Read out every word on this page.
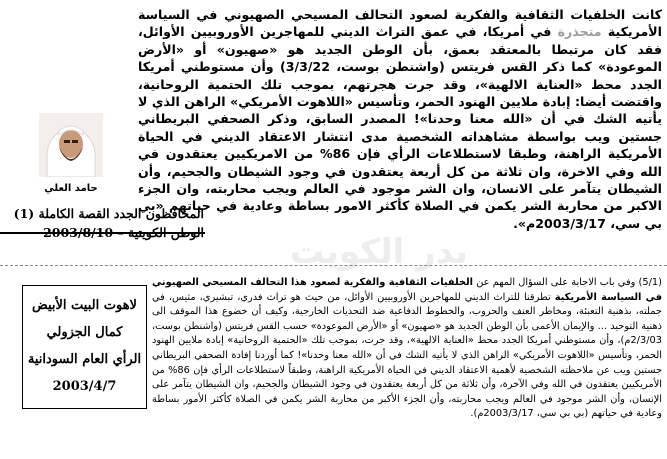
كانت الخلفيات الثقافية والفكرية لصعود التحالف المسيحي الصهيوني في السياسة الأمريكية متجذرة في أمريكا، في عمق التراث الديني للمهاجرين الأوروبيين الأوائل، فقد كان مرتبطا بالمعتقد بعمق، بأن الوطن الجديد هو «صهيون» أو «الأرض الموعودة» كما ذكر القس فريتس (واشنطن بوست، 3/3/22) وأن مستوطني أمريكا الجدد محط «العناية الالهية»، وقد جرت هجرتهم، بموجب تلك الحتمية الروحانية، واقتضت أيضا: إبادة ملايين الهنود الحمر، وتأسيس «اللاهوت الأمريكي» الراهن الذي لا يأتيه الشك في أن «الله معنا وحدنا»! المصدر السابق، وذكر الصحفي البريطاني جستين ويب بواسطة مشاهداته الشخصية مدى انتشار الاعتقاد الديني في الحياة الأمريكية الراهنة، وطبقا لاستطلاعات الرأي فإن 86% من الامريكيين يعتقدون في الله وفي الاخرة، وان ثلاثة من كل أربعة يعتقدون في وجود الشيطان والجحيم، وأن الشيطان يتآمر على الانسان، وان الشر موجود في العالم ويجب محاربته، وان الجزء الاكبر من محاربة الشر يكمن في الصلاة كأكثر الامور بساطة وعادية في حياتهم «بي بي سي، 2003/3/17م».

حامد العلي
المحافظون الجدد القصة الكاملة (1)
الوطن الكويتية – 2003/8/10	بدر الكويت
لاهوت البيت الأبيض
كمال الجزولي
الرأي العام السودانية
2003/4/7

(5/1) وفي باب الاجابة على السؤال المهم عن الخلفيات الثقافية والفكرية لصعود هذا التحالف المسيحي الصهيوني في السياسة الأمريكية تطرقنا للتراث الديني للمهاجرين الأوروبيين الأوائل، من حيث هو تراث فدري، تبشيري، مثيس، في جملته، بذهنية التعبئة، ومخاطر العنف والحروب، والخطوط الدفاعية ضد التحديات الخارجية، وكيف أن خضوع هذا الموقف الى ذهنية التوحيد ... والإيمان الأعمى بأن الوطن الجديد هو «صهيون» أو «الأرض الموعودة» حسب القس فريتس (واشنطن بوست، 2/3/03م)، وأن مستوطني أمريكا الجدد محط «العناية الالهية»، وقد جرت، بموجب تلك «الحتمية الروحانية» إبادة ملايين الهنود الحمر، وتأسيس «اللاهوت الأمريكي» الراهن الذي لا يأتيه الشك في أن «الله معنا وحدنا»! كما أوردنا إفادة الصحفي البريطاني جستين ويب عن ملاحظته الشخصية لأهمية الاعتقاد الديني في الحياة الأمريكية الراهنة، وطبقاً لاستطلاعات الرأي فإن 86% من الأمريكيين يعتقدون في الله وفي الآخرة، وأن ثلاثة من كل أربعة يعتقدون في وجود الشيطان والجحيم، وان الشيطان يتآمر على الإنسان، وأن الشر موجود في العالم ويجب محاربته، وأن الجزء الأكبر من محاربة الشر يكمن في الصلاة كأكثر الأمور بساطة وعادية في حياتهم (بي بي سي، 2003/3/17م).
